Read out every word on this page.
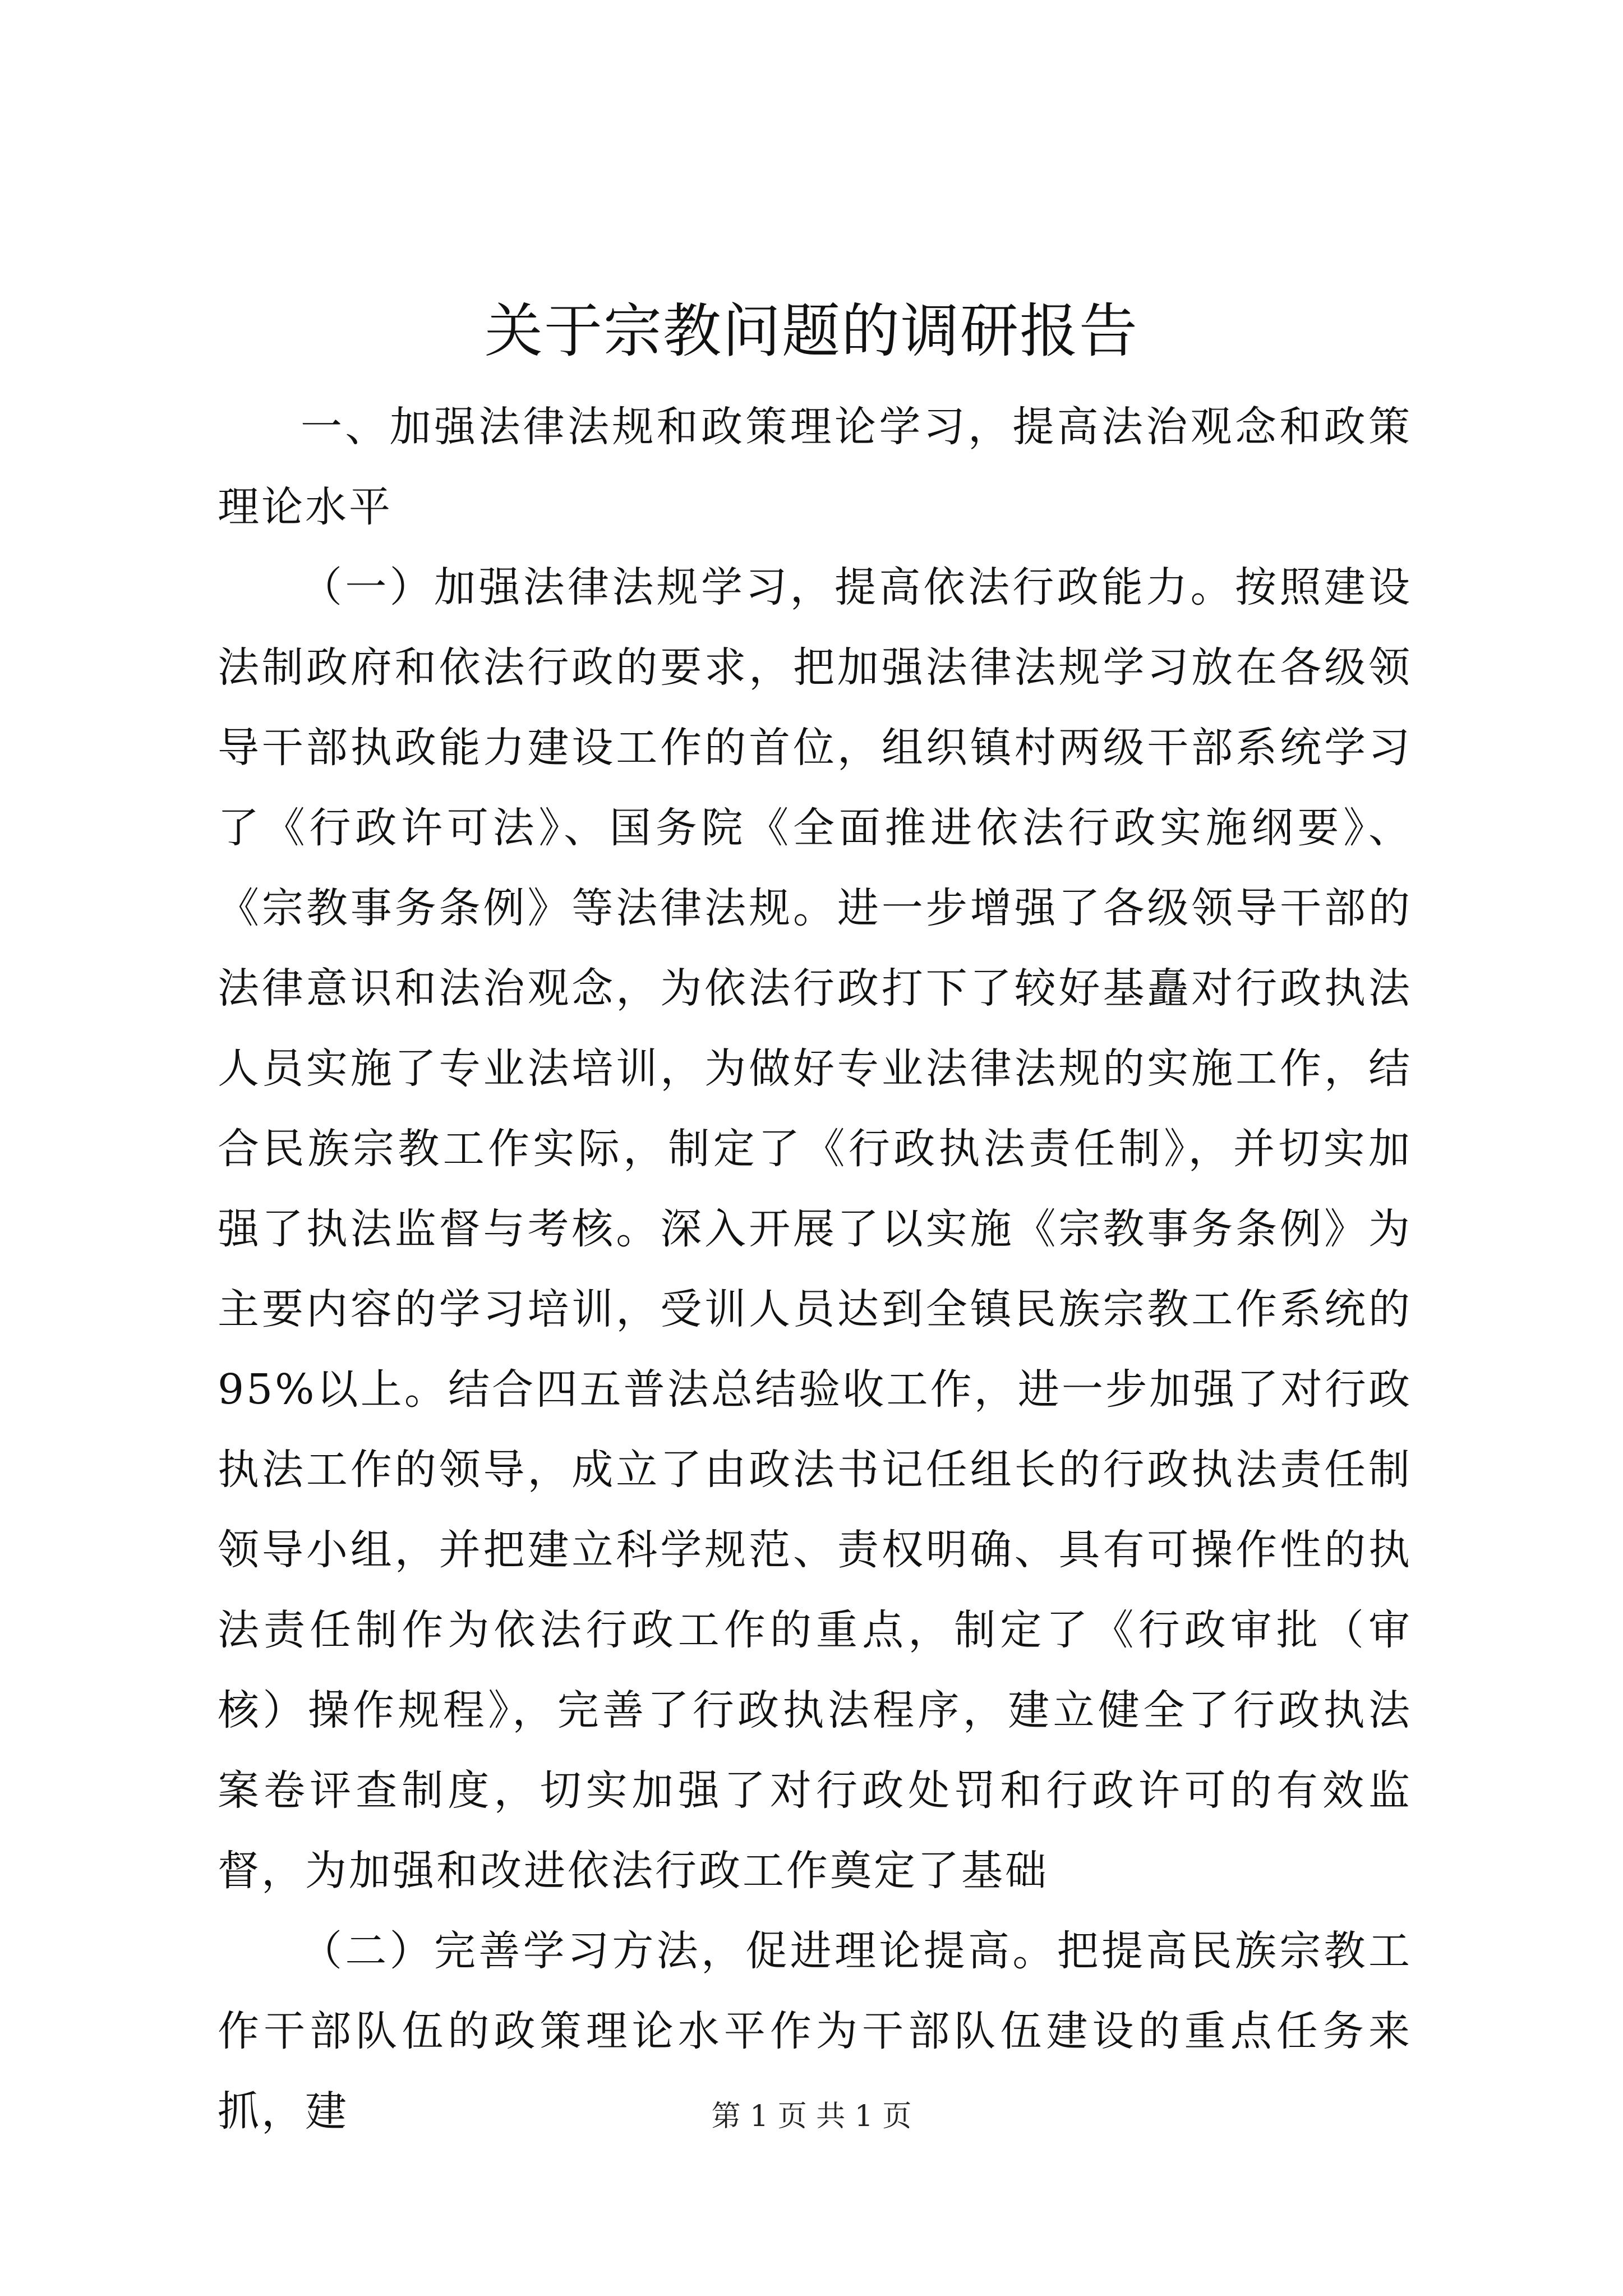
关于宗教问题的调研报告

一、加强法律法规和政策理论学习，提高法治观念和政策理论水平

（一）加强法律法规学习，提高依法行政能力。按照建设法制政府和依法行政的要求，把加强法律法规学习放在各级领导干部执政能力建设工作的首位，组织镇村两级干部系统学习了《行政许可法》、国务院《全面推进依法行政实施纲要》、《宗教事务条例》等法律法规。进一步增强了各级领导干部的法律意识和法治观念，为依法行政打下了较好基矗对行政执法人员实施了专业法培训，为做好专业法律法规的实施工作，结合民族宗教工作实际，制定了《行政执法责任制》，并切实加强了执法监督与考核。深入开展了以实施《宗教事务条例》为主要内容的学习培训，受训人员达到全镇民族宗教工作系统的95%以上。结合四五普法总结验收工作，进一步加强了对行政执法工作的领导，成立了由政法书记任组长的行政执法责任制领导小组，并把建立科学规范、责权明确、具有可操作性的执法责任制作为依法行政工作的重点，制定了《行政审批（审核）操作规程》，完善了行政执法程序，建立健全了行政执法案卷评查制度，切实加强了对行政处罚和行政许可的有效监督，为加强和改进依法行政工作奠定了基础

（二）完善学习方法，促进理论提高。把提高民族宗教工作干部队伍的政策理论水平作为干部队伍建设的重点任务来抓，建	第 1 页 共 1 页
